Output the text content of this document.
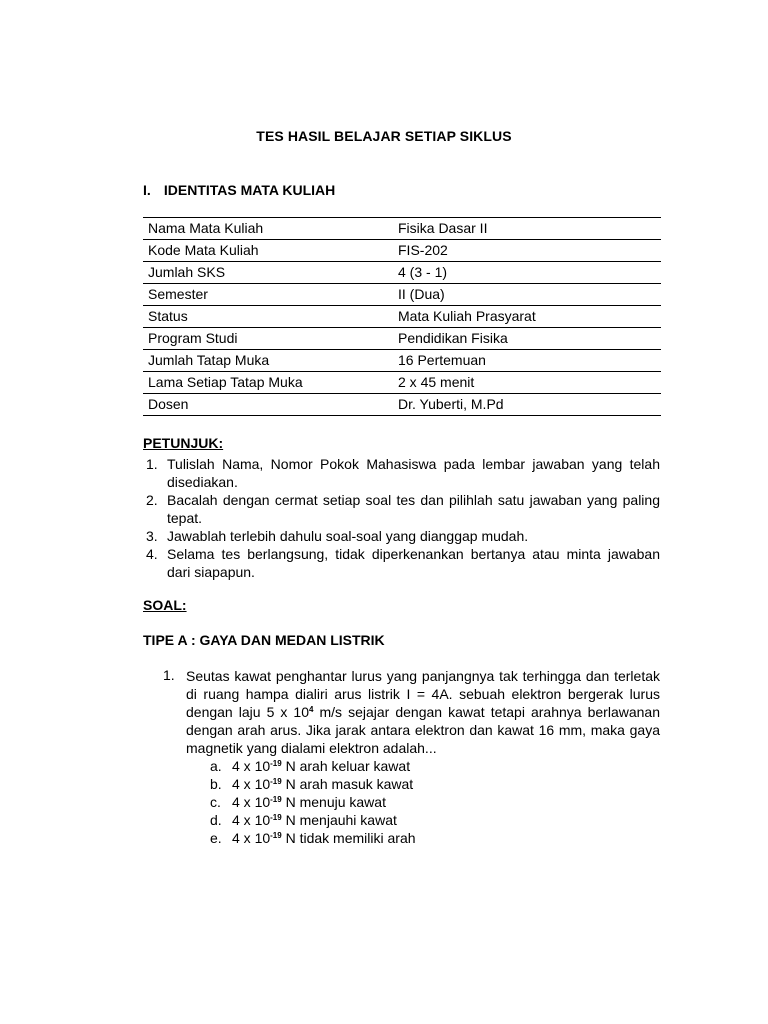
TES HASIL BELAJAR SETIAP SIKLUS
I. IDENTITAS MATA KULIAH
Nama Mata Kuliah	Fisika Dasar II
Kode Mata Kuliah	FIS-202
Jumlah SKS	4 (3 - 1)
Semester	II (Dua)
Status	Mata Kuliah Prasyarat
Program Studi	Pendidikan Fisika
Jumlah Tatap Muka	16 Pertemuan
Lama Setiap Tatap Muka	2 x 45 menit
Dosen	Dr. Yuberti, M.Pd
PETUNJUK:
1. Tulislah Nama, Nomor Pokok Mahasiswa pada lembar jawaban yang telah disediakan.
2. Bacalah dengan cermat setiap soal tes dan pilihlah satu jawaban yang paling tepat.
3. Jawablah terlebih dahulu soal-soal yang dianggap mudah.
4. Selama tes berlangsung, tidak diperkenankan bertanya atau minta jawaban dari siapapun.
SOAL:
TIPE A : GAYA DAN MEDAN LISTRIK
1. Seutas kawat penghantar lurus yang panjangnya tak terhingga dan terletak di ruang hampa dialiri arus listrik I = 4A. sebuah elektron bergerak lurus dengan laju 5 x $10^4$ m/s sejajar dengan kawat tetapi arahnya berlawanan dengan arah arus. Jika jarak antara elektron dan kawat 16 mm, maka gaya magnetik yang dialami elektron adalah...
a. 4 x $10^{-19}$ N arah keluar kawat
b. 4 x $10^{-19}$ N arah masuk kawat
c. 4 x $10^{-19}$ N menuju kawat
d. 4 x $10^{-19}$ N menjauhi kawat
e. 4 x $10^{-19}$ N tidak memiliki arah
